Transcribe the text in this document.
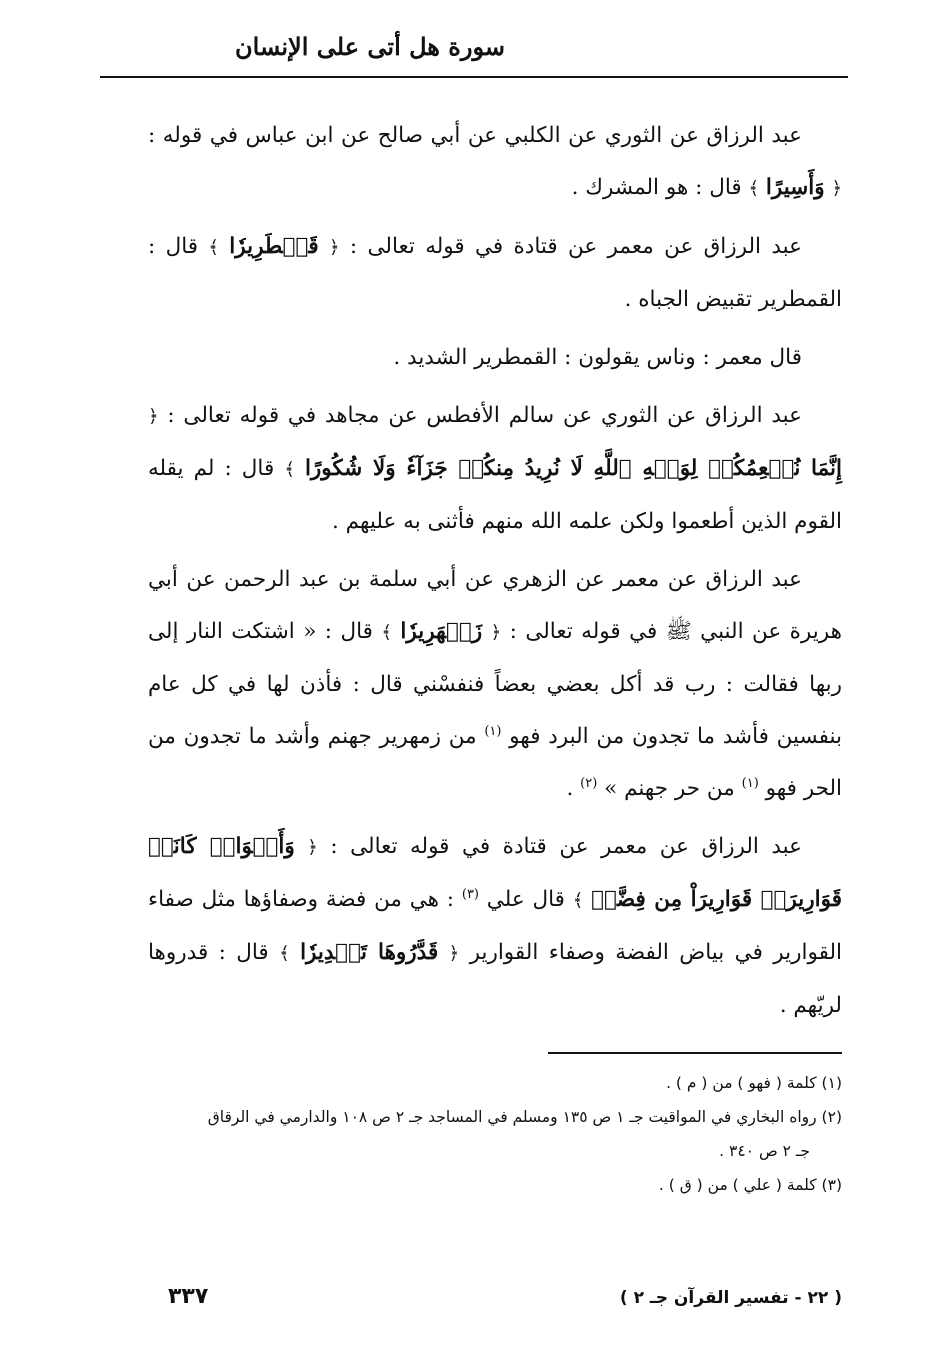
سورة هل أتى على الإنسان

عبد الرزاق عن الثوري عن الكلبي عن أبي صالح عن ابن عباس في قوله : ﴿ وَأَسِيرًا ﴾ قال : هو المشرك .

عبد الرزاق عن معمر عن قتادة في قوله تعالى : ﴿ قَمۡطَرِيرٗا ﴾ قال : القمطرير تقبيض الجباه .

قال معمر : وناس يقولون : القمطرير الشديد .

عبد الرزاق عن الثوري عن سالم الأفطس عن مجاهد في قوله تعالى : ﴿ إِنَّمَا نُطۡعِمُكُمۡ لِوَجۡهِ ٱللَّهِ لَا نُرِيدُ مِنكُمۡ جَزَآءٗ وَلَا شُكُورًا ﴾ قال : لم يقله القوم الذين أطعموا ولكن علمه الله منهم فأثنى به عليهم .

عبد الرزاق عن معمر عن الزهري عن أبي سلمة بن عبد الرحمن عن أبي هريرة عن النبي ﷺ في قوله تعالى : ﴿ زَمۡهَرِيرٗا ﴾ قال : « اشتكت النار إلى ربها فقالت : رب قد أكل بعضي بعضاً فنفسْني قال : فأذن لها في كل عام بنفسين فأشد ما تجدون من البرد فهو $^{(١)}$ من زمهرير جهنم وأشد ما تجدون من الحر فهو $^{(١)}$ من حر جهنم » $^{(٢)}$ .

عبد الرزاق عن معمر عن قتادة في قوله تعالى : ﴿ وَأَكۡوَابٖ كَانَتۡ قَوَارِيرَا۠ قَوَارِيرَاْ مِن فِضَّةٖ ﴾ قال علي $^{(٣)}$ : هي من فضة وصفاؤها مثل صفاء القوارير في بياض الفضة وصفاء القوارير ﴿ قَدَّرُوهَا تَقۡدِيرٗا ﴾ قال : قدروها لريّهم .

(١) كلمة ( فهو ) من ( م ) .

(٢) رواه البخاري في المواقيت جـ ١ ص ١٣٥ ومسلم في المساجد جـ ٢ ص ١٠٨ والدارمي في الرقاق

جـ ٢ ص ٣٤٠ .

(٣) كلمة ( علي ) من ( ق ) .

٣٣٧	( ٢٢ - تفسير القرآن جـ ٢ )
